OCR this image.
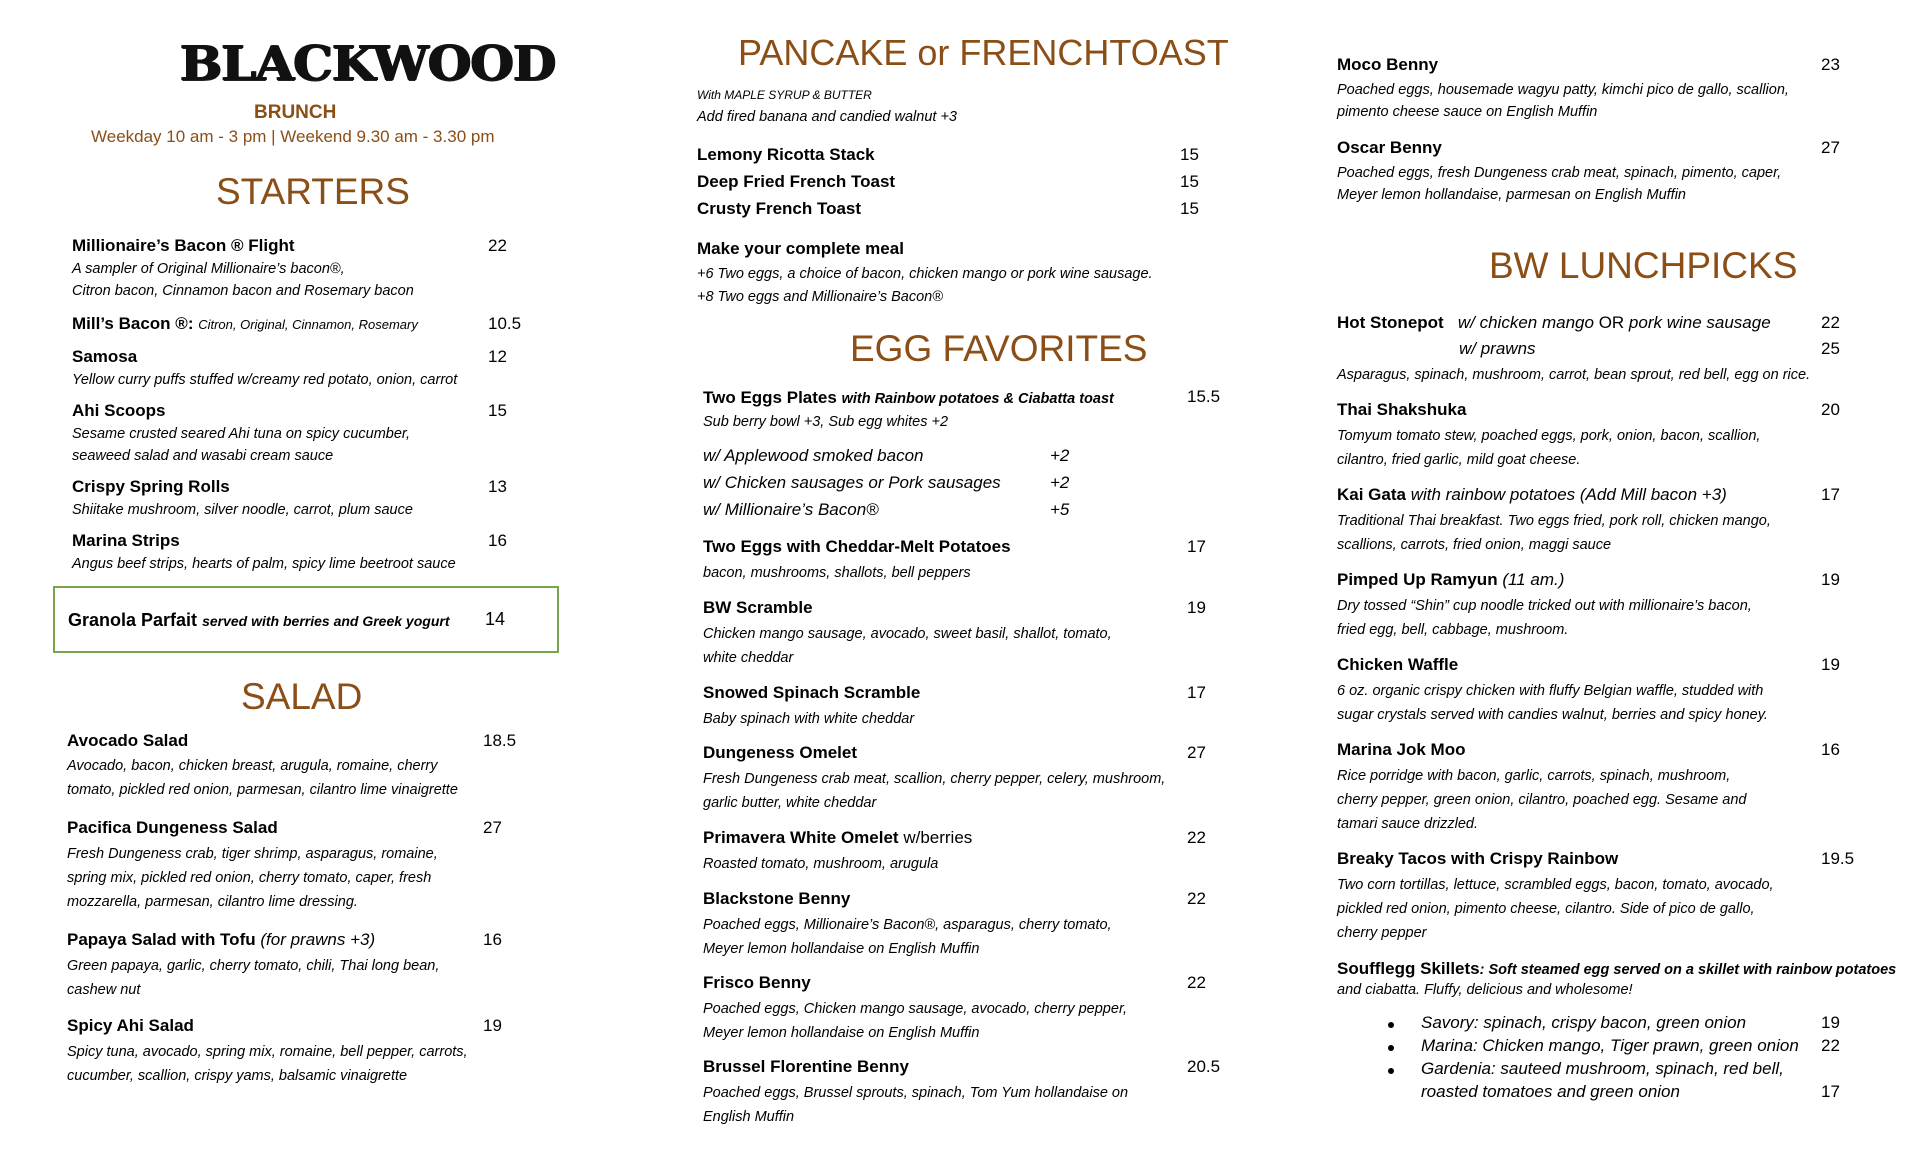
BLACKWOOD
BRUNCH
Weekday 10 am - 3 pm | Weekend 9.30 am - 3.30 pm
STARTERS
Millionaire’s Bacon ® Flight	22
A sampler of Original Millionaire’s bacon®,
Citron bacon, Cinnamon bacon and Rosemary bacon
Mill’s Bacon ®: Citron, Original, Cinnamon, Rosemary	10.5
Samosa	12
Yellow curry puffs stuffed w/creamy red potato, onion, carrot
Ahi Scoops	15
Sesame crusted seared Ahi tuna on spicy cucumber,
seaweed salad and wasabi cream sauce
Crispy Spring Rolls	13
Shiitake mushroom, silver noodle, carrot, plum sauce
Marina Strips	16
Angus beef strips, hearts of palm, spicy lime beetroot sauce
Granola Parfait served with berries and Greek yogurt 14
SALAD
Avocado Salad	18.5
Avocado, bacon, chicken breast, arugula, romaine, cherry
tomato, pickled red onion, parmesan, cilantro lime vinaigrette
Pacifica Dungeness Salad	27
Fresh Dungeness crab, tiger shrimp, asparagus, romaine,
spring mix, pickled red onion, cherry tomato, caper, fresh
mozzarella, parmesan, cilantro lime dressing.
Papaya Salad with Tofu (for prawns +3)	16
Green papaya, garlic, cherry tomato, chili, Thai long bean,
cashew nut
Spicy Ahi Salad	19
Spicy tuna, avocado, spring mix, romaine, bell pepper, carrots,
cucumber, scallion, crispy yams, balsamic vinaigrette
PANCAKE or FRENCHTOAST
With MAPLE SYRUP & BUTTER
Add fired banana and candied walnut +3
Lemony Ricotta Stack	15
Deep Fried French Toast	15
Crusty French Toast	15
Make your complete meal
+6 Two eggs, a choice of bacon, chicken mango or pork wine sausage.
+8 Two eggs and Millionaire’s Bacon®
EGG FAVORITES
Two Eggs Plates with Rainbow potatoes & Ciabatta toast	15.5
Sub berry bowl +3, Sub egg whites +2
w/ Applewood smoked bacon	+2
w/ Chicken sausages or Pork sausages	+2
w/ Millionaire’s Bacon®	+5
Two Eggs with Cheddar-Melt Potatoes	17
bacon, mushrooms, shallots, bell peppers
BW Scramble	19
Chicken mango sausage, avocado, sweet basil, shallot, tomato,
white cheddar
Snowed Spinach Scramble	17
Baby spinach with white cheddar
Dungeness Omelet	27
Fresh Dungeness crab meat, scallion, cherry pepper, celery, mushroom,
garlic butter, white cheddar
Primavera White Omelet w/berries	22
Roasted tomato, mushroom, arugula
Blackstone Benny	22
Poached eggs, Millionaire’s Bacon®, asparagus, cherry tomato,
Meyer lemon hollandaise on English Muffin
Frisco Benny	22
Poached eggs, Chicken mango sausage, avocado, cherry pepper,
Meyer lemon hollandaise on English Muffin
Brussel Florentine Benny	20.5
Poached eggs, Brussel sprouts, spinach, Tom Yum hollandaise on
English Muffin
Moco Benny	23
Poached eggs, housemade wagyu patty, kimchi pico de gallo, scallion,
pimento cheese sauce on English Muffin
Oscar Benny	27
Poached eggs, fresh Dungeness crab meat, spinach, pimento, caper,
Meyer lemon hollandaise, parmesan on English Muffin
BW LUNCHPICKS
Hot Stonepot w/ chicken mango OR pork wine sausage	22
w/ prawns	25
Asparagus, spinach, mushroom, carrot, bean sprout, red bell, egg on rice.
Thai Shakshuka	20
Tomyum tomato stew, poached eggs, pork, onion, bacon, scallion,
cilantro, fried garlic, mild goat cheese.
Kai Gata with rainbow potatoes (Add Mill bacon +3)	17
Traditional Thai breakfast. Two eggs fried, pork roll, chicken mango,
scallions, carrots, fried onion, maggi sauce
Pimped Up Ramyun (11 am.)	19
Dry tossed “Shin” cup noodle tricked out with millionaire’s bacon,
fried egg, bell, cabbage, mushroom.
Chicken Waffle	19
6 oz. organic crispy chicken with fluffy Belgian waffle, studded with
sugar crystals served with candies walnut, berries and spicy honey.
Marina Jok Moo	16
Rice porridge with bacon, garlic, carrots, spinach, mushroom,
cherry pepper, green onion, cilantro, poached egg. Sesame and
tamari sauce drizzled.
Breaky Tacos with Crispy Rainbow	19.5
Two corn tortillas, lettuce, scrambled eggs, bacon, tomato, avocado,
pickled red onion, pimento cheese, cilantro. Side of pico de gallo,
cherry pepper
Soufflegg Skillets: Soft steamed egg served on a skillet with rainbow potatoes
and ciabatta. Fluffy, delicious and wholesome!
Savory: spinach, crispy bacon, green onion	19
Marina: Chicken mango, Tiger prawn, green onion 22
Gardenia: sauteed mushroom, spinach, red bell,
roasted tomatoes and green onion	17
